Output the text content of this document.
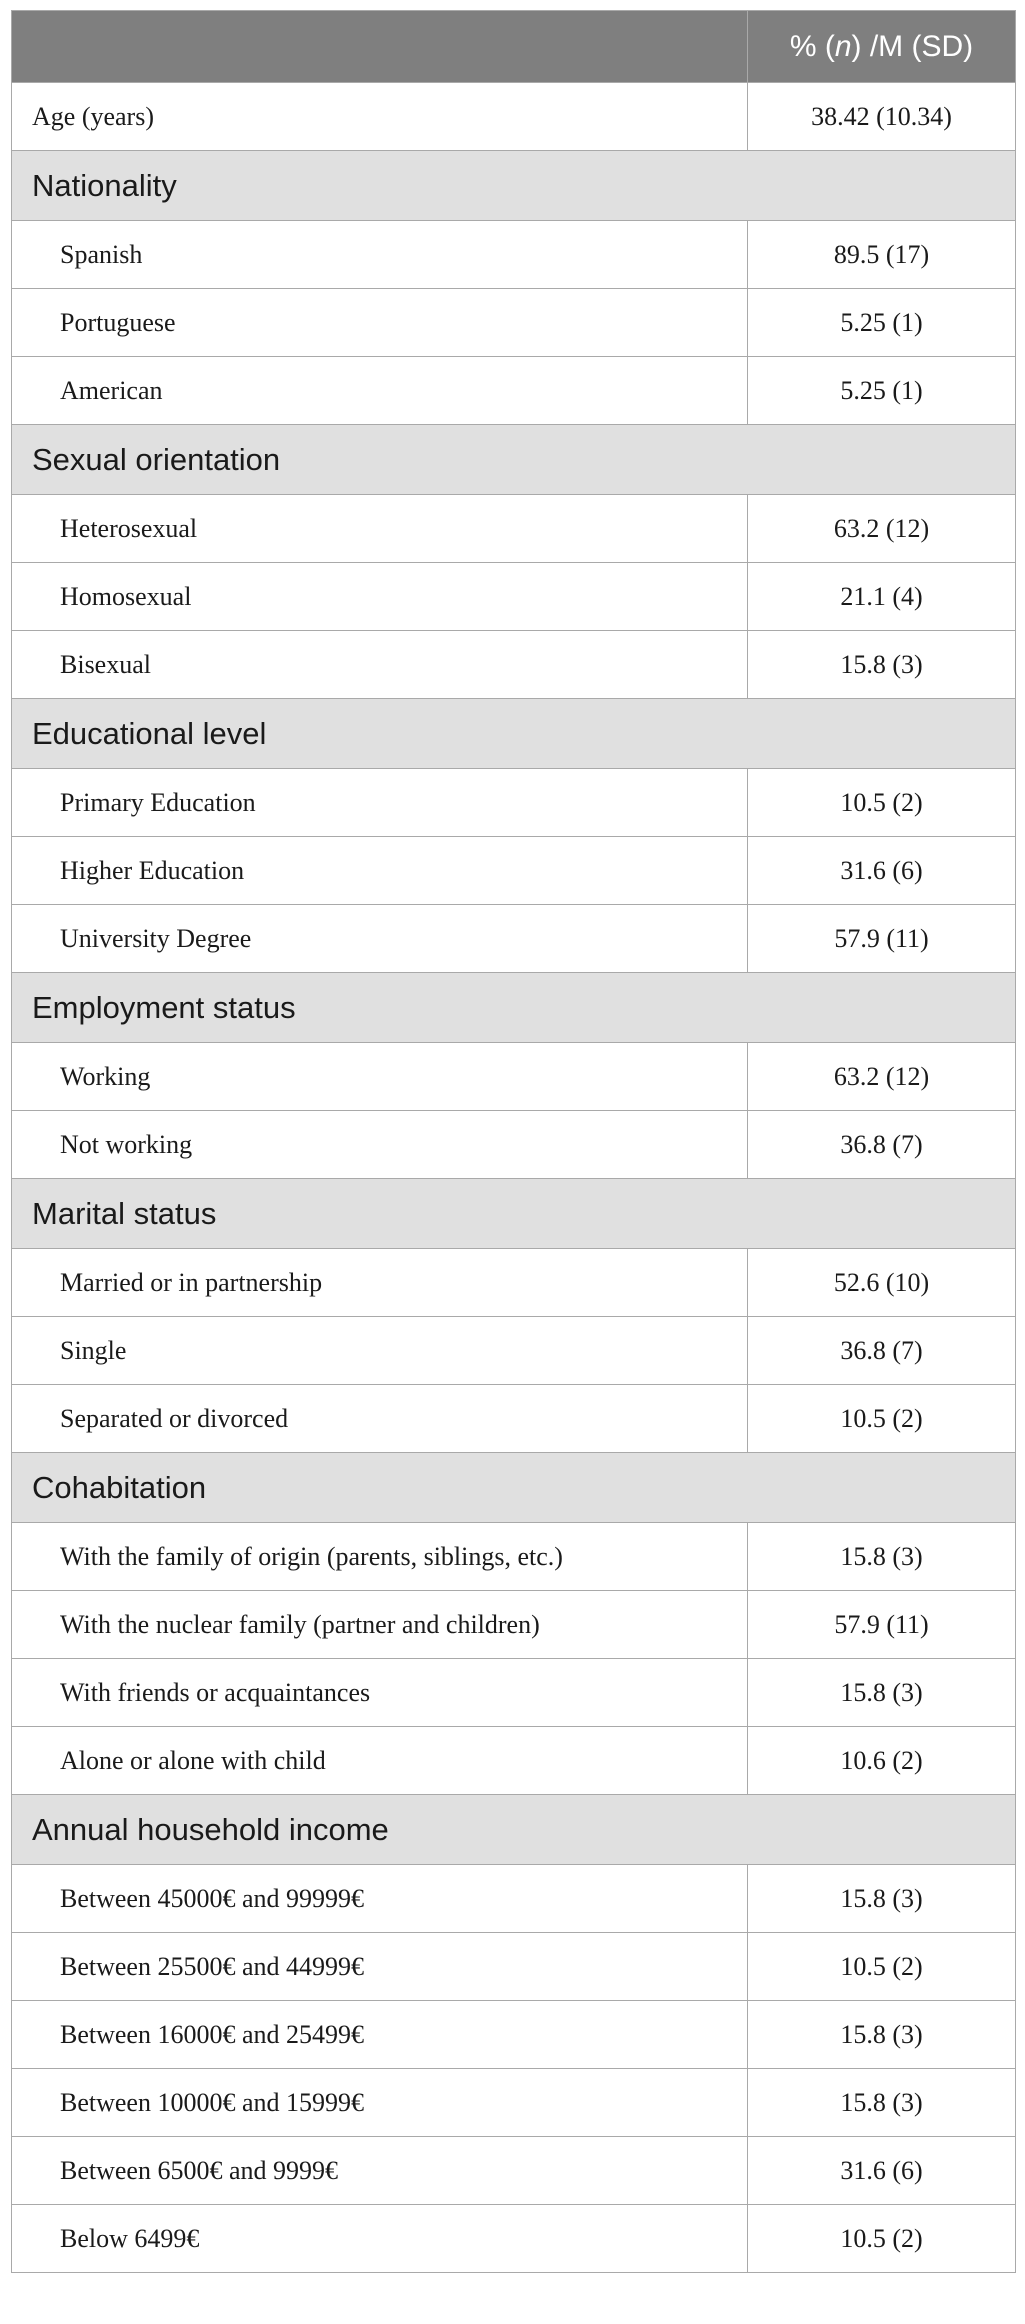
	% (n) /M (SD)
Age (years)	38.42 (10.34)
Nationality	
Spanish	89.5 (17)
Portuguese	5.25 (1)
American	5.25 (1)
Sexual orientation	
Heterosexual	63.2 (12)
Homosexual	21.1 (4)
Bisexual	15.8 (3)
Educational level	
Primary Education	10.5 (2)
Higher Education	31.6 (6)
University Degree	57.9 (11)
Employment status	
Working	63.2 (12)
Not working	36.8 (7)
Marital status	
Married or in partnership	52.6 (10)
Single	36.8 (7)
Separated or divorced	10.5 (2)
Cohabitation	
With the family of origin (parents, siblings, etc.)	15.8 (3)
With the nuclear family (partner and children)	57.9 (11)
With friends or acquaintances	15.8 (3)
Alone or alone with child	10.6 (2)
Annual household income	
Between 45000€ and 99999€	15.8 (3)
Between 25500€ and 44999€	10.5 (2)
Between 16000€ and 25499€	15.8 (3)
Between 10000€ and 15999€	15.8 (3)
Between 6500€ and 9999€	31.6 (6)
Below 6499€	10.5 (2)
